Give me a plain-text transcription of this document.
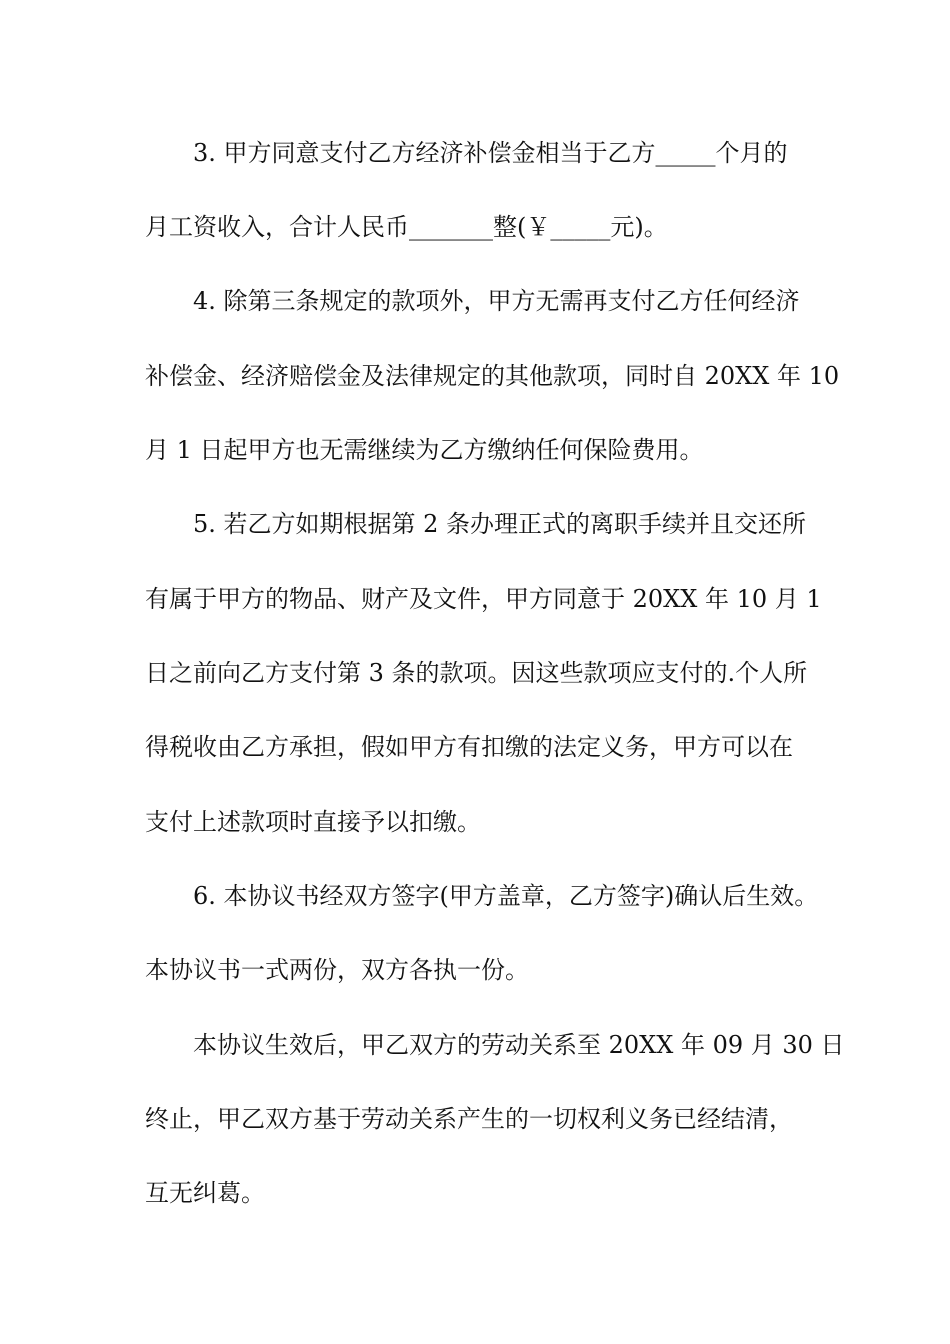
3. 甲方同意支付乙方经济补偿金相当于乙方_____个月的
月工资收入，合计人民币_______整(￥_____元)。
4. 除第三条规定的款项外，甲方无需再支付乙方任何经济
补偿金、经济赔偿金及法律规定的其他款项，同时自 20XX 年 10
月 1 日起甲方也无需继续为乙方缴纳任何保险费用。
5. 若乙方如期根据第 2 条办理正式的离职手续并且交还所
有属于甲方的物品、财产及文件，甲方同意于 20XX 年 10 月 1
日之前向乙方支付第 3 条的款项。因这些款项应支付的.个人所
得税收由乙方承担，假如甲方有扣缴的法定义务，甲方可以在
支付上述款项时直接予以扣缴。
6. 本协议书经双方签字(甲方盖章，乙方签字)确认后生效。
本协议书一式两份，双方各执一份。
本协议生效后，甲乙双方的劳动关系至 20XX 年 09 月 30 日
终止，甲乙双方基于劳动关系产生的一切权利义务已经结清，
互无纠葛。
